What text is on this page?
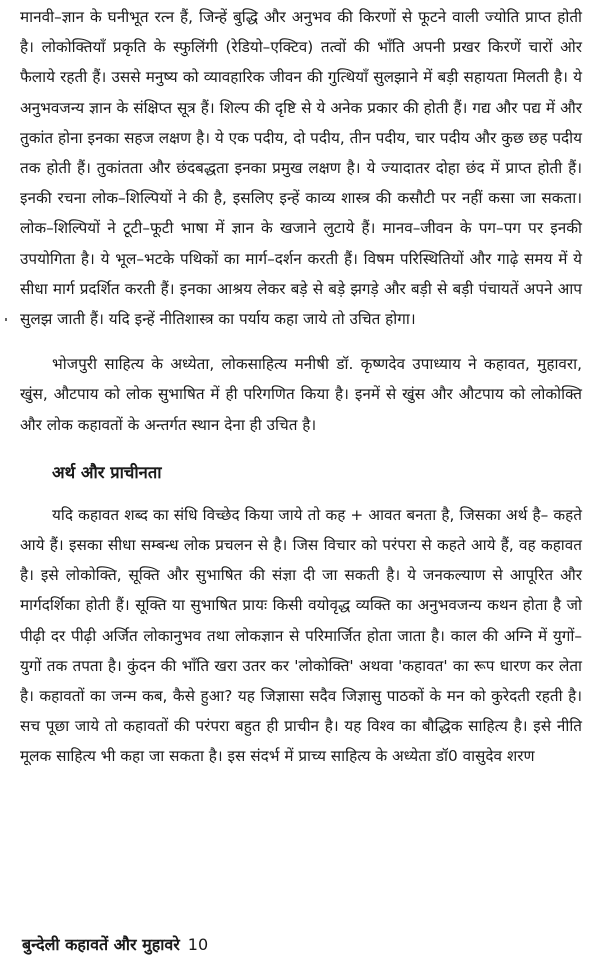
मानवी–ज्ञान के घनीभूत रत्न हैं, जिन्हें बुद्धि और अनुभव की किरणों से फूटने वाली ज्योति प्राप्त होती है। लोकोक्तियाँ प्रकृति के स्फुलिंगी (रेडियो–एक्टिव) तत्वों की भाँति अपनी प्रखर किरणें चारों ओर फैलाये रहती हैं। उससे मनुष्य को व्यावहारिक जीवन की गुत्थियाँ सुलझाने में बड़ी सहायता मिलती है। ये अनुभवजन्य ज्ञान के संक्षिप्त सूत्र हैं। शिल्प की दृष्टि से ये अनेक प्रकार की होती हैं। गद्य और पद्य में और तुकांत होना इनका सहज लक्षण है। ये एक पदीय, दो पदीय, तीन पदीय, चार पदीय और कुछ छह पदीय तक होती हैं। तुकांतता और छंदबद्धता इनका प्रमुख लक्षण है। ये ज्यादातर दोहा छंद में प्राप्त होती हैं। इनकी रचना लोक–शिल्पियों ने की है, इसलिए इन्हें काव्य शास्त्र की कसौटी पर नहीं कसा जा सकता। लोक–शिल्पियों ने टूटी–फूटी भाषा में ज्ञान के खजाने लुटाये हैं। मानव–जीवन के पग–पग पर इनकी उपयोगिता है। ये भूल–भटके पथिकों का मार्ग–दर्शन करती हैं। विषम परिस्थितियों और गाढ़े समय में ये सीधा मार्ग प्रदर्शित करती हैं। इनका आश्रय लेकर बड़े से बड़े झगड़े और बड़ी से बड़ी पंचायतें अपने आप सुलझ जाती हैं। यदि इन्हें नीतिशास्त्र का पर्याय कहा जाये तो उचित होगा।

भोजपुरी साहित्य के अध्येता, लोकसाहित्य मनीषी डॉ. कृष्णदेव उपाध्याय ने कहावत, मुहावरा, खुंस, औटपाय को लोक सुभाषित में ही परिगणित किया है। इनमें से खुंस और औटपाय को लोकोक्ति और लोक कहावतों के अन्तर्गत स्थान देना ही उचित है।

अर्थ और प्राचीनता

यदि कहावत शब्द का संधि विच्छेद किया जाये तो कह + आवत बनता है, जिसका अर्थ है– कहते आये हैं। इसका सीधा सम्बन्ध लोक प्रचलन से है। जिस विचार को परंपरा से कहते आये हैं, वह कहावत है। इसे लोकोक्ति, सूक्ति और सुभाषित की संज्ञा दी जा सकती है। ये जनकल्याण से आपूरित और मार्गदर्शिका होती हैं। सूक्ति या सुभाषित प्रायः किसी वयोवृद्ध व्यक्ति का अनुभवजन्य कथन होता है जो पीढ़ी दर पीढ़ी अर्जित लोकानुभव तथा लोकज्ञान से परिमार्जित होता जाता है। काल की अग्नि में युगों–युगों तक तपता है। कुंदन की भाँति खरा उतर कर 'लोकोक्ति' अथवा 'कहावत' का रूप धारण कर लेता है। कहावतों का जन्म कब, कैसे हुआ? यह जिज्ञासा सदैव जिज्ञासु पाठकों के मन को कुरेदती रहती है। सच पूछा जाये तो कहावतों की परंपरा बहुत ही प्राचीन है। यह विश्व का बौद्धिक साहित्य है। इसे नीति मूलक साहित्य भी कहा जा सकता है। इस संदर्भ में प्राच्य साहित्य के अध्येता डॉ0 वासुदेव शरण

बुन्देली कहावतें और मुहावरे 10
